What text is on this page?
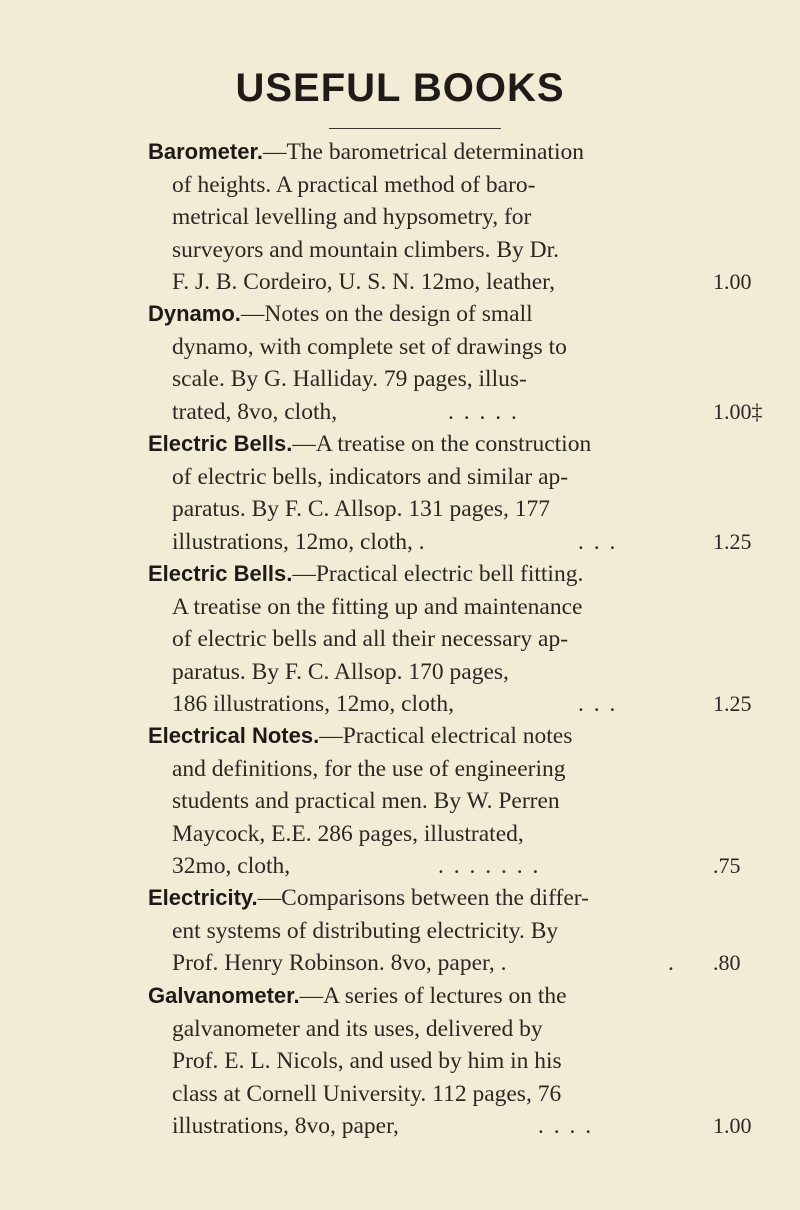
USEFUL BOOKS
Barometer.—The barometrical determination
of heights. A practical method of baro-
metrical levelling and hypsometry, for
surveyors and mountain climbers. By Dr.
F. J. B. Cordeiro, U. S. N. 12mo, leather,	1.00
Dynamo.—Notes on the design of small
dynamo, with complete set of drawings to
scale. By G. Halliday. 79 pages, illus-
trated, 8vo, cloth,	. . . . .	1.00‡
Electric Bells.—A treatise on the construction
of electric bells, indicators and similar ap-
paratus. By F. C. Allsop. 131 pages, 177
illustrations, 12mo, cloth, .	. . .	1.25
Electric Bells.—Practical electric bell fitting.
A treatise on the fitting up and maintenance
of electric bells and all their necessary ap-
paratus. By F. C. Allsop. 170 pages,
186 illustrations, 12mo, cloth,	. . .	1.25
Electrical Notes.—Practical electrical notes
and definitions, for the use of engineering
students and practical men. By W. Perren
Maycock, E.E. 286 pages, illustrated,
32mo, cloth,	. . . . . . .	.75
Electricity.—Comparisons between the differ-
ent systems of distributing electricity. By
Prof. Henry Robinson. 8vo, paper, .	. .80
Galvanometer.—A series of lectures on the
galvanometer and its uses, delivered by
Prof. E. L. Nicols, and used by him in his
class at Cornell University. 112 pages, 76
illustrations, 8vo, paper,	. . . .	1.00
